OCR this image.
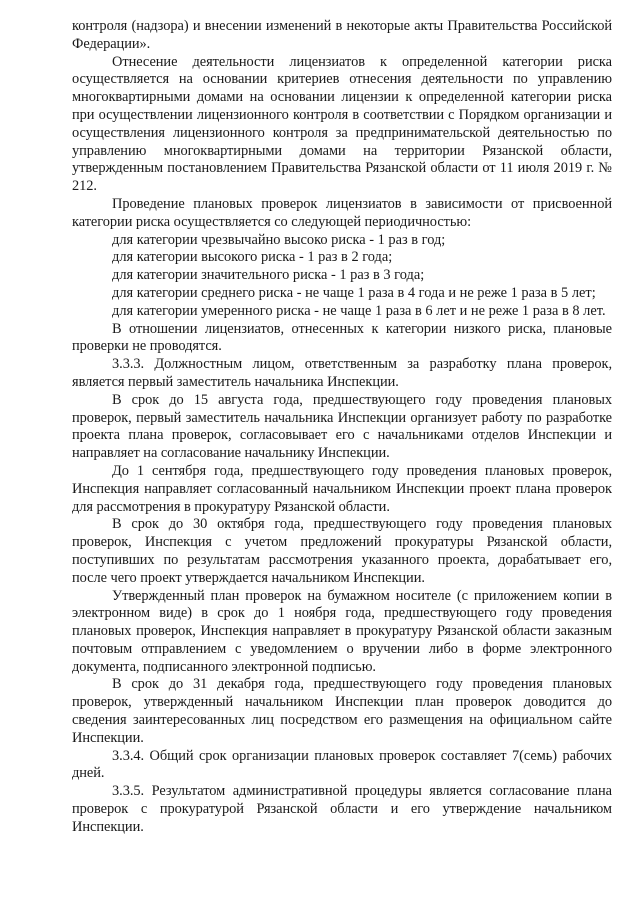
контроля (надзора) и внесении изменений в некоторые акты Правительства Российской Федерации».

Отнесение деятельности лицензиатов к определенной категории риска осуществляется на основании критериев отнесения деятельности по управлению многоквартирными домами на основании лицензии к определенной категории риска при осуществлении лицензионного контроля в соответствии с Порядком организации и осуществления лицензионного контроля за предпринимательской деятельностью по управлению многоквартирными домами на территории Рязанской области, утвержденным постановлением Правительства Рязанской области от 11 июля 2019 г. № 212.

Проведение плановых проверок лицензиатов в зависимости от присвоенной категории риска осуществляется со следующей периодичностью:

для категории чрезвычайно высоко риска - 1 раз в год;

для категории высокого риска - 1 раз в 2 года;

для категории значительного риска - 1 раз в 3 года;

для категории среднего риска - не чаще 1 раза в 4 года и не реже 1 раза в 5 лет;

для категории умеренного риска - не чаще 1 раза в 6 лет и не реже 1 раза в 8 лет.

В отношении лицензиатов, отнесенных к категории низкого риска, плановые проверки не проводятся.

3.3.3. Должностным лицом, ответственным за разработку плана проверок, является первый заместитель начальника Инспекции.

В срок до 15 августа года, предшествующего году проведения плановых проверок, первый заместитель начальника Инспекции организует работу по разработке проекта плана проверок, согласовывает его с начальниками отделов Инспекции и направляет на согласование начальнику Инспекции.

До 1 сентября года, предшествующего году проведения плановых проверок, Инспекция направляет согласованный начальником Инспекции проект плана проверок для рассмотрения в прокуратуру Рязанской области.

В срок до 30 октября года, предшествующего году проведения плановых проверок, Инспекция с учетом предложений прокуратуры Рязанской области, поступивших по результатам рассмотрения указанного проекта, дорабатывает его, после чего проект утверждается начальником Инспекции.

Утвержденный план проверок на бумажном носителе (с приложением копии в электронном виде) в срок до 1 ноября года, предшествующего году проведения плановых проверок, Инспекция направляет в прокуратуру Рязанской области заказным почтовым отправлением с уведомлением о вручении либо в форме электронного документа, подписанного электронной подписью.

В срок до 31 декабря года, предшествующего году проведения плановых проверок, утвержденный начальником Инспекции план проверок доводится до сведения заинтересованных лиц посредством его размещения на официальном сайте Инспекции.

3.3.4. Общий срок организации плановых проверок составляет 7(семь) рабочих дней.

3.3.5. Результатом административной процедуры является согласование плана проверок с прокуратурой Рязанской области и его утверждение начальником Инспекции.
